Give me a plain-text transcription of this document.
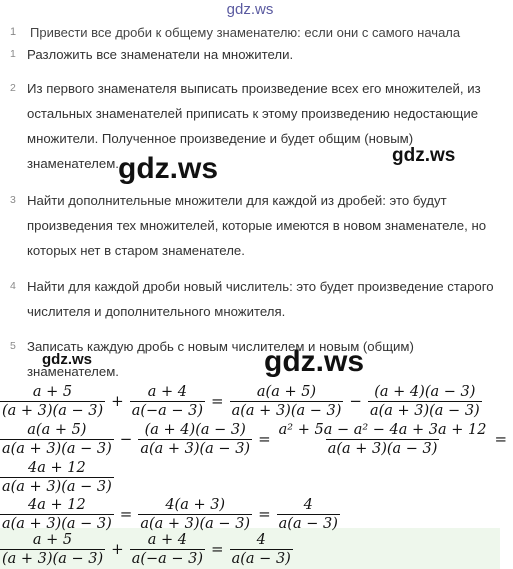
gdz.ws
1	Привести все дроби к общему знаменателю: если они с самого начала
1 Разложить все знаменатели на множители.
2 Из первого знаменателя выписать произведение всех его множителей, из остальных знаменателей приписать к этому произведению недостающие множители. Полученное произведение и будет общим (новым) знаменателем.
3 Найти дополнительные множители для каждой из дробей: это будут произведения тех множителей, которые имеются в новом знаменателе, но которых нет в старом знаменателе.
4 Найти для каждой дроби новый числитель: это будет произведение старого числителя и дополнительного множителя.
5 Записать каждую дробь с новым числителем и новым (общим) знаменателем.
gdz.ws	gdz.ws
gdz.ws	gdz.ws
$\frac{a + 5}{(a + 3)(a - 3)} + \frac{a + 4}{a(-a - 3)} = \frac{a(a + 5)}{a(a + 3)(a - 3)} - \frac{(a + 4)(a - 3)}{a(a + 3)(a - 3)}$
$\frac{a(a + 5)}{a(a + 3)(a - 3)} - \frac{(a + 4)(a - 3)}{a(a + 3)(a - 3)} = \frac{\text{a² + 5a − a² − 4a + 3a + 12}}{a(a + 3)(a - 3)}$ =
$\frac{4a + 12}{a(a + 3)(a - 3)}$
$\frac{4a + 12}{a(a + 3)(a - 3)} = \frac{4(a + 3)}{a(a + 3)(a - 3)} = \frac{4}{a(a - 3)}$
$\frac{a + 5}{(a + 3)(a - 3)} + \frac{a + 4}{a(-a - 3)} = \frac{4}{a(a - 3)}$
